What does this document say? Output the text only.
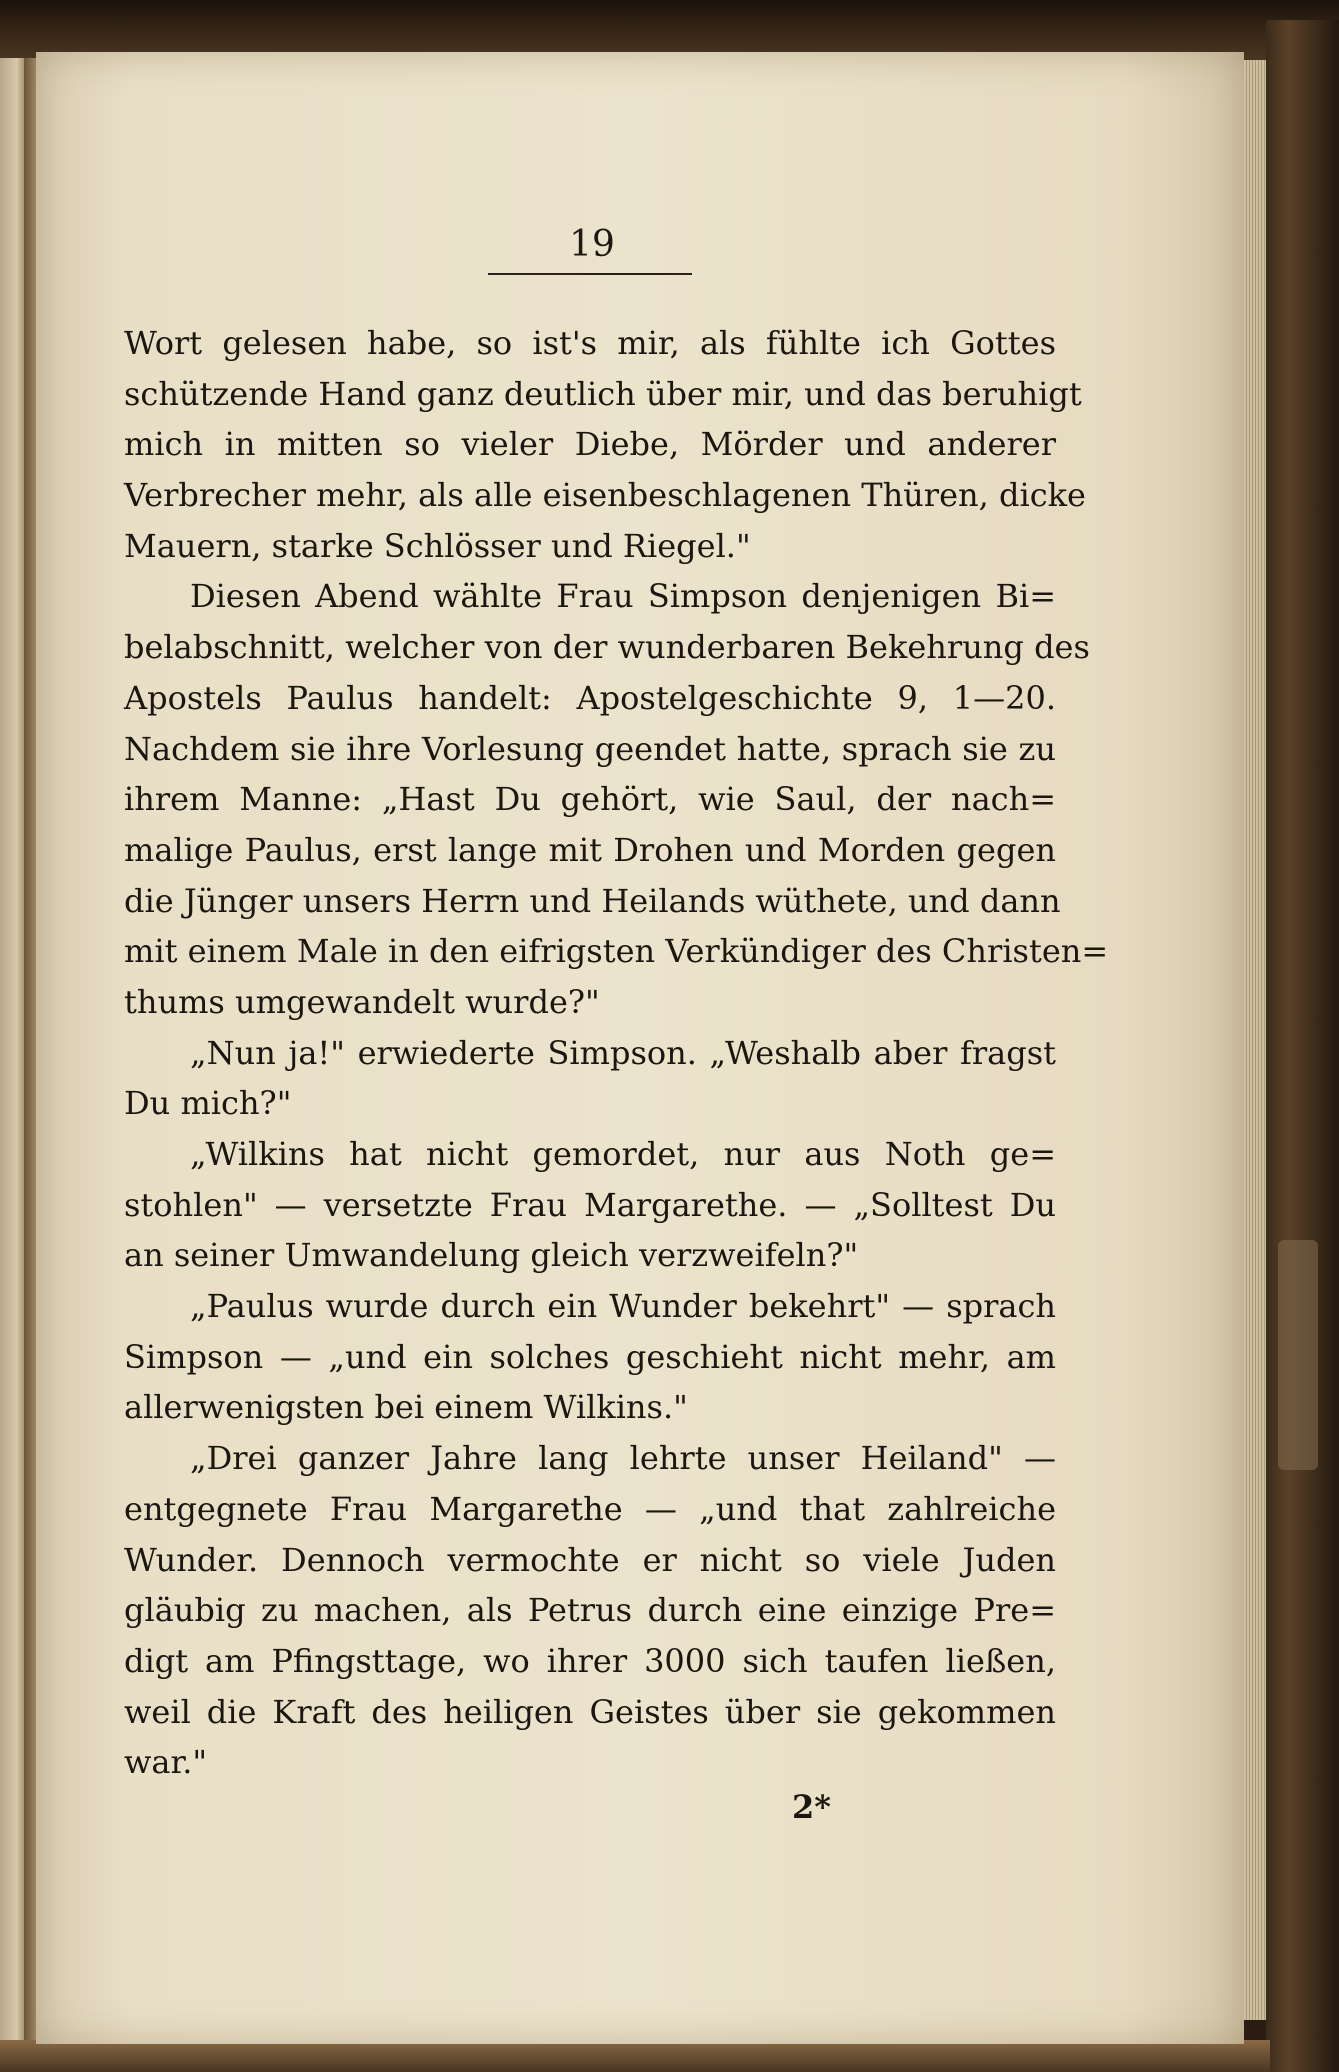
19
Wort gelesen habe, so ist's mir, als fühlte ich Gottes
schützende Hand ganz deutlich über mir, und das beruhigt
mich in mitten so vieler Diebe, Mörder und anderer
Verbrecher mehr, als alle eisenbeschlagenen Thüren, dicke
Mauern, starke Schlösser und Riegel."
Diesen Abend wählte Frau Simpson denjenigen Bi=
belabschnitt, welcher von der wunderbaren Bekehrung des
Apostels Paulus handelt: Apostelgeschichte 9, 1—20.
Nachdem sie ihre Vorlesung geendet hatte, sprach sie zu
ihrem Manne: „Hast Du gehört, wie Saul, der nach=
malige Paulus, erst lange mit Drohen und Morden gegen
die Jünger unsers Herrn und Heilands wüthete, und dann
mit einem Male in den eifrigsten Verkündiger des Christen=
thums umgewandelt wurde?"
„Nun ja!" erwiederte Simpson. „Weshalb aber fragst
Du mich?"
„Wilkins hat nicht gemordet, nur aus Noth ge=
stohlen" — versetzte Frau Margarethe. — „Solltest Du
an seiner Umwandelung gleich verzweifeln?"
„Paulus wurde durch ein Wunder bekehrt" — sprach
Simpson — „und ein solches geschieht nicht mehr, am
allerwenigsten bei einem Wilkins."
„Drei ganzer Jahre lang lehrte unser Heiland" —
entgegnete Frau Margarethe — „und that zahlreiche
Wunder. Dennoch vermochte er nicht so viele Juden
gläubig zu machen, als Petrus durch eine einzige Pre=
digt am Pfingsttage, wo ihrer 3000 sich taufen ließen,
weil die Kraft des heiligen Geistes über sie gekommen
war."
2*
